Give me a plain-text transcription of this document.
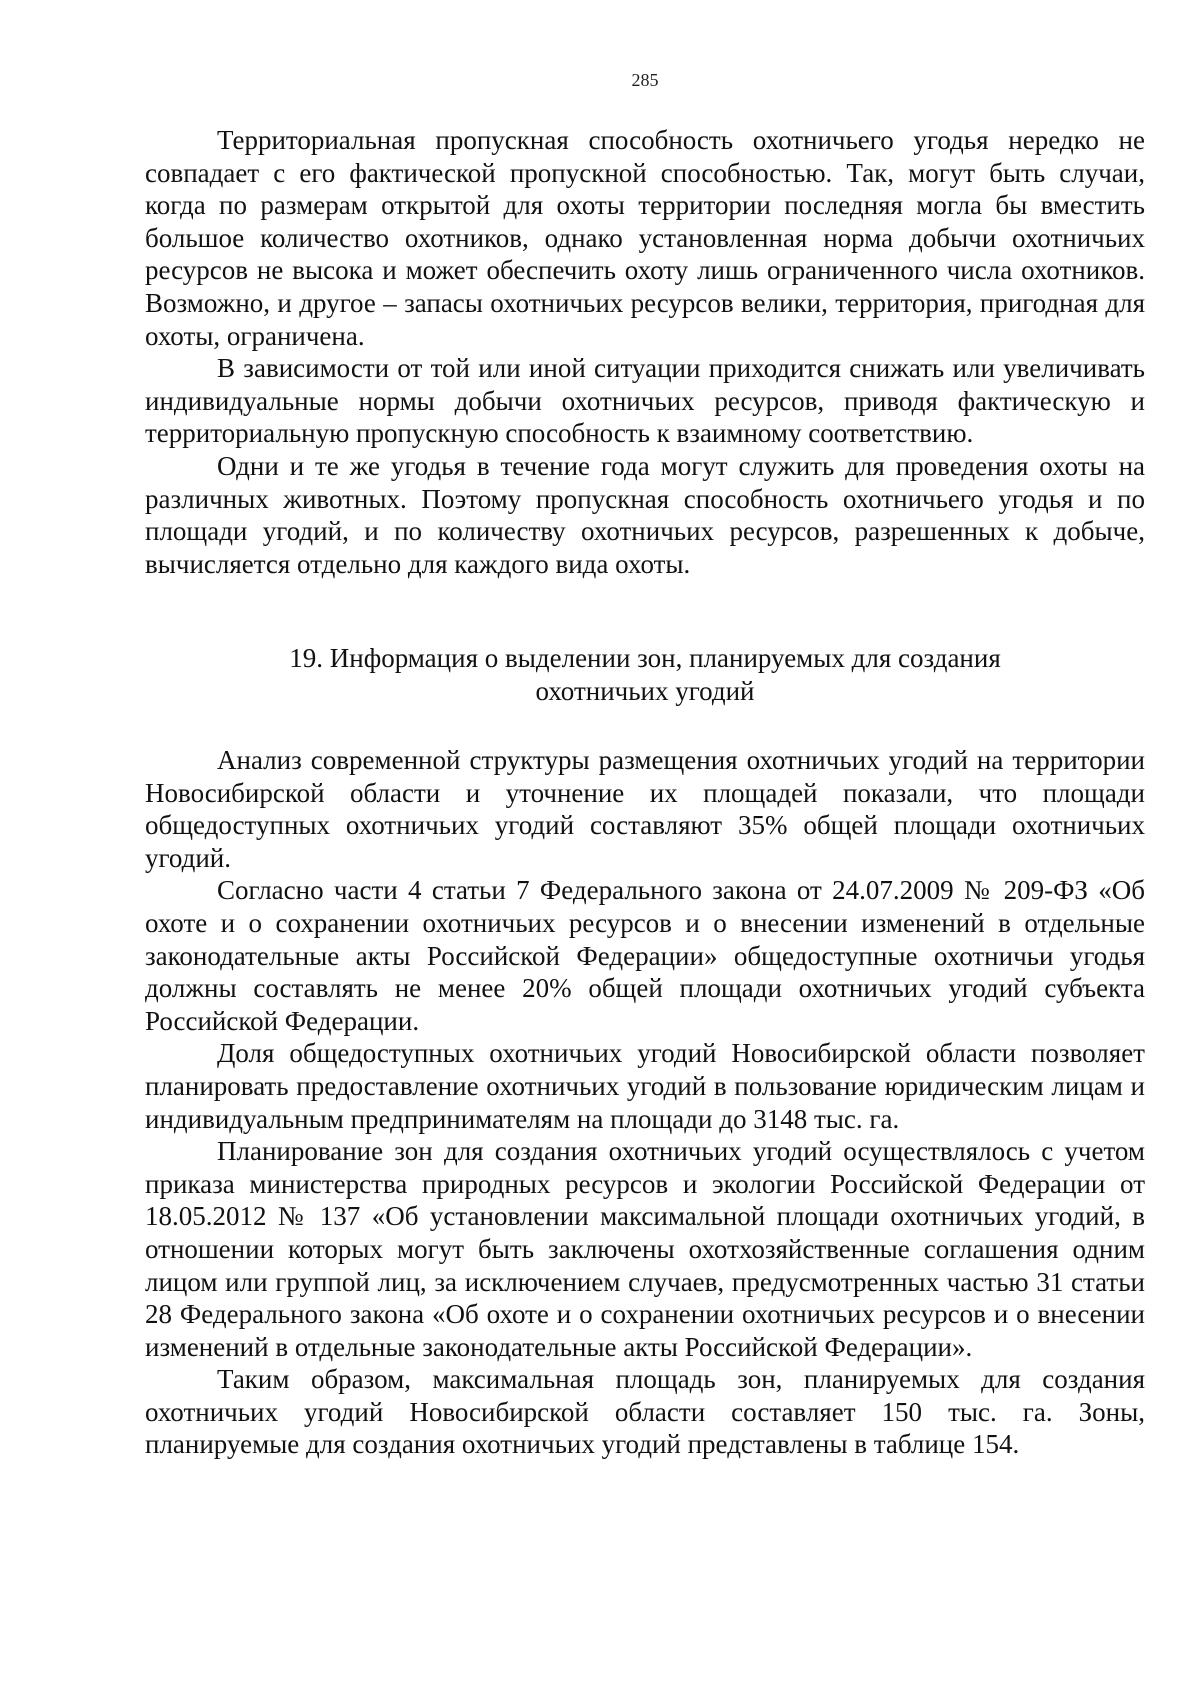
285

Территориальная пропускная способность охотничьего угодья нередко не совпадает с его фактической пропускной способностью. Так, могут быть случаи, когда по размерам открытой для охоты территории последняя могла бы вместить большое количество охотников, однако установленная норма добычи охотничьих ресурсов не высока и может обеспечить охоту лишь ограниченного числа охотников. Возможно, и другое – запасы охотничьих ресурсов велики, территория, пригодная для охоты, ограничена.

В зависимости от той или иной ситуации приходится снижать или увеличивать индивидуальные нормы добычи охотничьих ресурсов, приводя фактическую и территориальную пропускную способность к взаимному соответствию.

Одни и те же угодья в течение года могут служить для проведения охоты на различных животных. Поэтому пропускная способность охотничьего угодья и по площади угодий, и по количеству охотничьих ресурсов, разрешенных к добыче, вычисляется отдельно для каждого вида охоты.

19. Информация о выделении зон, планируемых для создания
охотничьих угодий

Анализ современной структуры размещения охотничьих угодий на территории Новосибирской области и уточнение их площадей показали, что площади общедоступных охотничьих угодий составляют 35% общей площади охотничьих угодий.

Согласно части 4 статьи 7 Федерального закона от 24.07.2009 № 209-ФЗ «Об охоте и о сохранении охотничьих ресурсов и о внесении изменений в отдельные законодательные акты Российской Федерации» общедоступные охотничьи угодья должны составлять не менее 20% общей площади охотничьих угодий субъекта Российской Федерации.

Доля общедоступных охотничьих угодий Новосибирской области позволяет планировать предоставление охотничьих угодий в пользование юридическим лицам и индивидуальным предпринимателям на площади до 3148 тыс. га.

Планирование зон для создания охотничьих угодий осуществлялось с учетом приказа министерства природных ресурсов и экологии Российской Федерации от 18.05.2012 № 137 «Об установлении максимальной площади охотничьих угодий, в отношении которых могут быть заключены охотхозяйственные соглашения одним лицом или группой лиц, за исключением случаев, предусмотренных частью 31 статьи 28 Федерального закона «Об охоте и о сохранении охотничьих ресурсов и о внесении изменений в отдельные законодательные акты Российской Федерации».

Таким образом, максимальная площадь зон, планируемых для создания охотничьих угодий Новосибирской области составляет 150 тыс. га. Зоны, планируемые для создания охотничьих угодий представлены в таблице 154.
